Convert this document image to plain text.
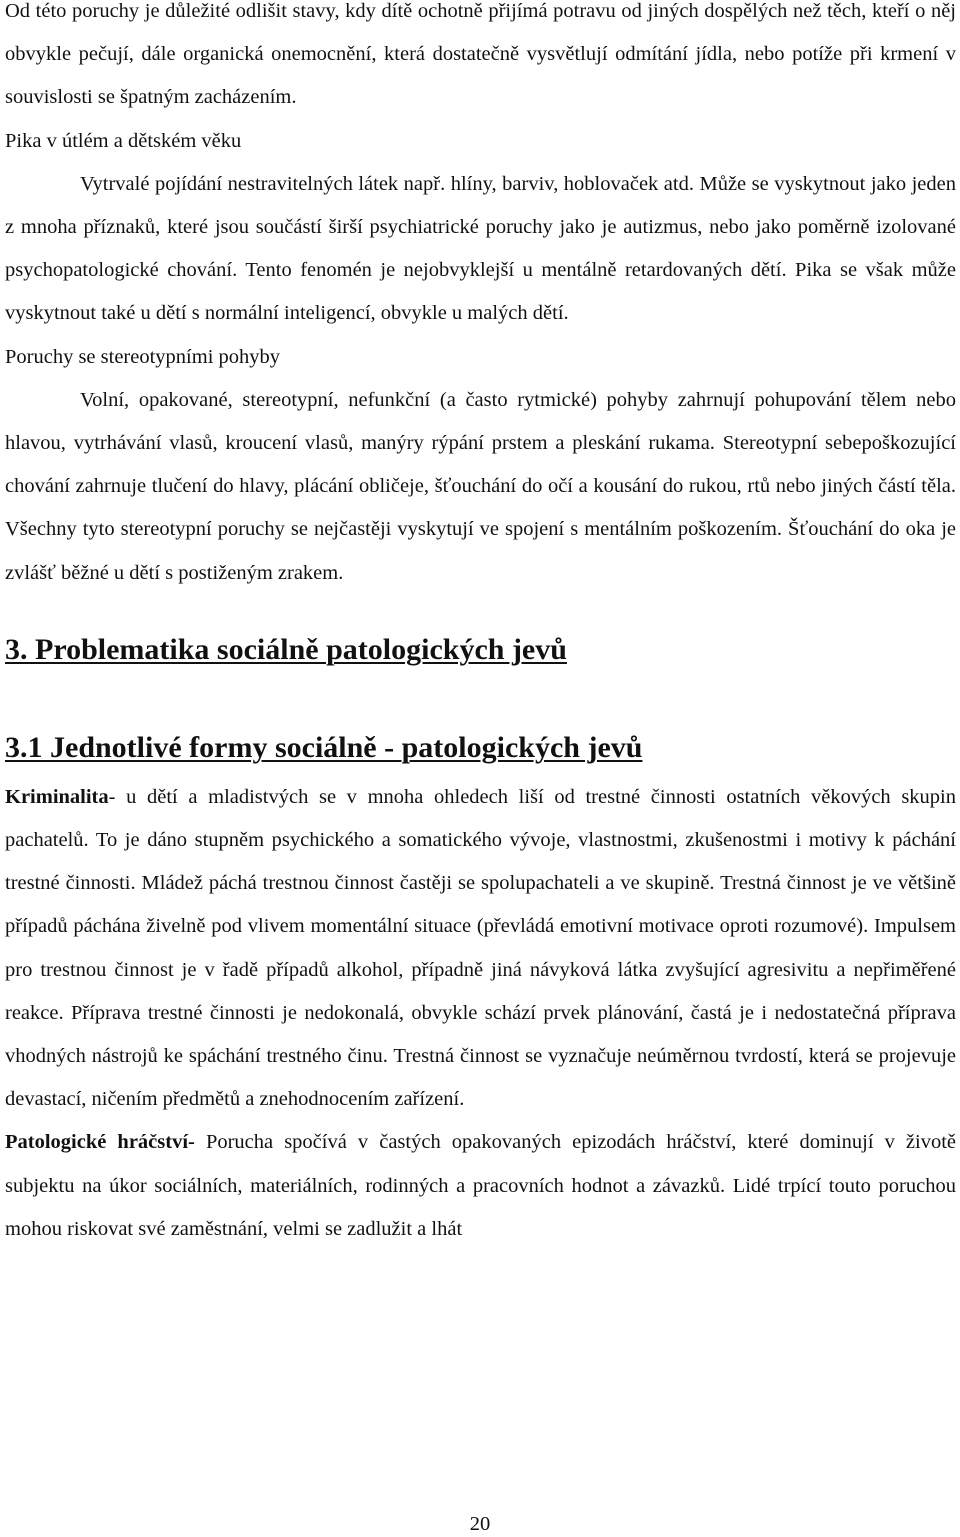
Od této poruchy je důležité odlišit stavy, kdy dítě ochotně přijímá potravu od jiných dospělých než těch, kteří o něj obvykle pečují, dále organická onemocnění, která dostatečně vysvětlují odmítání jídla, nebo potíže při krmení v souvislosti se špatným zacházením.

Pika v útlém a dětském věku

Vytrvalé pojídání nestravitelných látek např. hlíny, barviv, hoblovaček atd. Může se vyskytnout jako jeden z mnoha příznaků, které jsou součástí širší psychiatrické poruchy jako je autizmus, nebo jako poměrně izolované psychopatologické chování. Tento fenomén je nejobvyklejší u mentálně retardovaných dětí. Pika se však může vyskytnout také u dětí s normální inteligencí, obvykle u malých dětí.

Poruchy se stereotypními pohyby

Volní, opakované, stereotypní, nefunkční (a často rytmické) pohyby zahrnují pohupování tělem nebo hlavou, vytrhávání vlasů, kroucení vlasů, manýry rýpání prstem a pleskání rukama. Stereotypní sebepoškozující chování zahrnuje tlučení do hlavy, plácání obličeje, šťouchání do očí a kousání do rukou, rtů nebo jiných částí těla. Všechny tyto stereotypní poruchy se nejčastěji vyskytují ve spojení s mentálním poškozením. Šťouchání do oka je zvlášť běžné u dětí s postiženým zrakem.

3. Problematika sociálně patologických jevů
3.1 Jednotlivé formy sociálně - patologických jevů

Kriminalita- u dětí a mladistvých se v mnoha ohledech liší od trestné činnosti ostatních věkových skupin pachatelů. To je dáno stupněm psychického a somatického vývoje, vlastnostmi, zkušenostmi i motivy k páchání trestné činnosti. Mládež páchá trestnou činnost častěji se spolupachateli a ve skupině. Trestná činnost je ve většině případů páchána živelně pod vlivem momentální situace (převládá emotivní motivace oproti rozumové). Impulsem pro trestnou činnost je v řadě případů alkohol, případně jiná návyková látka zvyšující agresivitu a nepřiměřené reakce. Příprava trestné činnosti je nedokonalá, obvykle schází prvek plánování, častá je i nedostatečná příprava vhodných nástrojů ke spáchání trestného činu. Trestná činnost se vyznačuje neúměrnou tvrdostí, která se projevuje devastací, ničením předmětů a znehodnocením zařízení.

Patologické hráčství- Porucha spočívá v častých opakovaných epizodách hráčství, které dominují v životě subjektu na úkor sociálních, materiálních, rodinných a pracovních hodnot a závazků. Lidé trpící touto poruchou mohou riskovat své zaměstnání, velmi se zadlužit a lhát

20
